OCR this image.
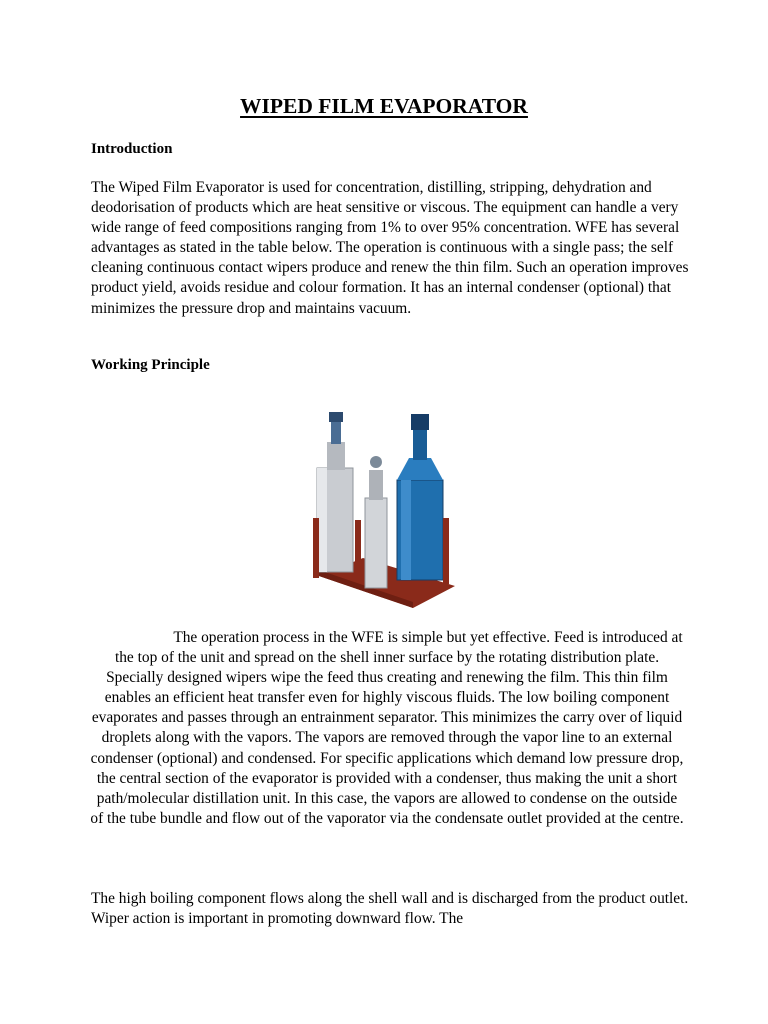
WIPED FILM EVAPORATOR
Introduction

The Wiped Film Evaporator is used for concentration, distilling, stripping, dehydration and deodorisation of products which are heat sensitive or viscous. The equipment can handle a very wide range of feed compositions ranging from 1% to over 95% concentration. WFE has several advantages as stated in the table below. The operation is continuous with a single pass; the self cleaning continuous contact wipers produce and renew the thin film. Such an operation improves product yield, avoids residue and colour formation. It has an internal condenser (optional) that minimizes the pressure drop and maintains vacuum.

Working Principle

The operation process in the WFE is simple but yet effective. Feed is introduced at the top of the unit and spread on the shell inner surface by the rotating distribution plate. Specially designed wipers wipe the feed thus creating and renewing the film. This thin film enables an efficient heat transfer even for highly viscous fluids. The low boiling component evaporates and passes through an entrainment separator. This minimizes the carry over of liquid droplets along with the vapors. The vapors are removed through the vapor line to an external condenser (optional) and condensed. For specific applications which demand low pressure drop, the central section of the evaporator is provided with a condenser, thus making the unit a short path/molecular distillation unit. In this case, the vapors are allowed to condense on the outside of the tube bundle and flow out of the vaporator via the condensate outlet provided at the centre.

The high boiling component flows along the shell wall and is discharged from the product outlet. Wiper action is important in promoting downward flow. The
